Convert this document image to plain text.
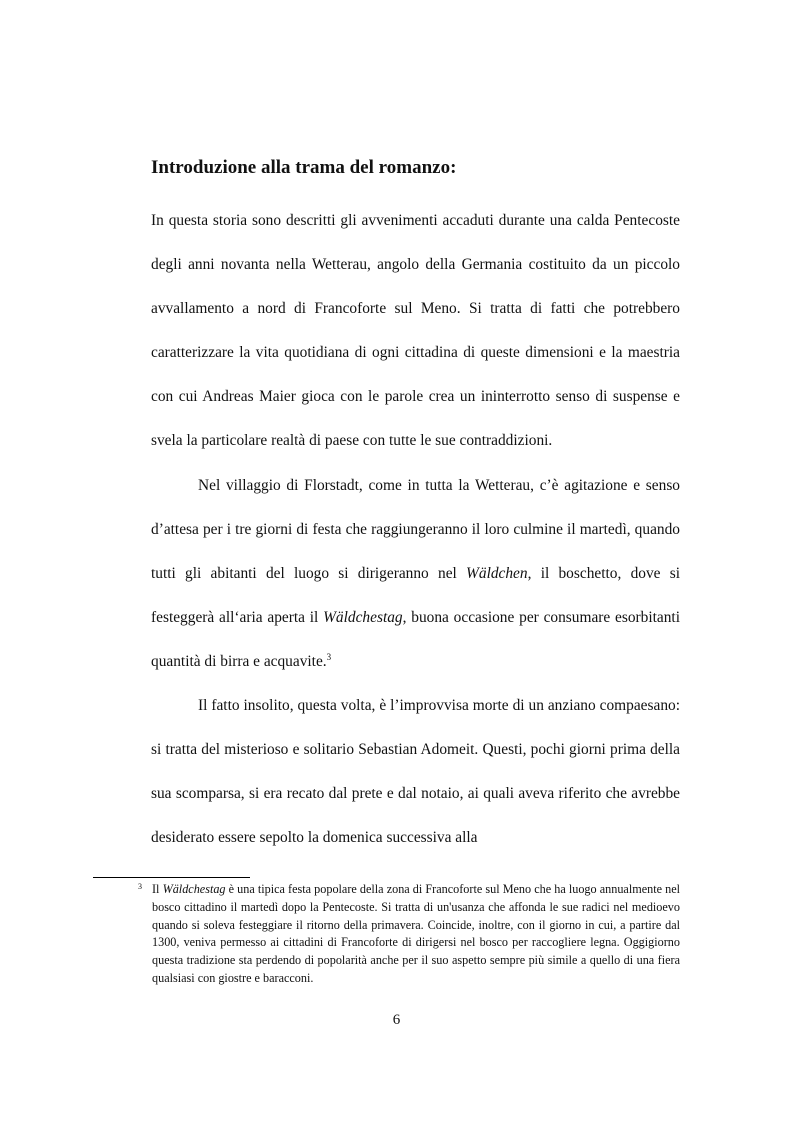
Introduzione alla trama del romanzo:

In questa storia sono descritti gli avvenimenti accaduti durante una calda Pentecoste degli anni novanta nella Wetterau, angolo della Germania costituito da un piccolo avvallamento a nord di Francoforte sul Meno. Si tratta di fatti che potrebbero caratterizzare la vita quotidiana di ogni cittadina di queste dimensioni e la maestria con cui Andreas Maier gioca con le parole crea un ininterrotto senso di suspense e svela la particolare realtà di paese con tutte le sue contraddizioni.

Nel villaggio di Florstadt, come in tutta la Wetterau, c’è agitazione e senso d’attesa per i tre giorni di festa che raggiungeranno il loro culmine il martedì, quando tutti gli abitanti del luogo si dirigeranno nel Wäldchen, il boschetto, dove si festeggerà all‘aria aperta il Wäldchestag, buona occasione per consumare esorbitanti quantità di birra e acquavite.$^3$

Il fatto insolito, questa volta, è l’improvvisa morte di un anziano compaesano: si tratta del misterioso e solitario Sebastian Adomeit. Questi, pochi giorni prima della sua scomparsa, si era recato dal prete e dal notaio, ai quali aveva riferito che avrebbe desiderato essere sepolto la domenica successiva alla

3 Il Wäldchestag è una tipica festa popolare della zona di Francoforte sul Meno che ha luogo annualmente nel bosco cittadino il martedì dopo la Pentecoste. Si tratta di un'usanza che affonda le sue radici nel medioevo quando si soleva festeggiare il ritorno della primavera. Coincide, inoltre, con il giorno in cui, a partire dal 1300, veniva permesso ai cittadini di Francoforte di dirigersi nel bosco per raccogliere legna. Oggigiorno questa tradizione sta perdendo di popolarità anche per il suo aspetto sempre più simile a quello di una fiera qualsiasi con giostre e baracconi.
6
